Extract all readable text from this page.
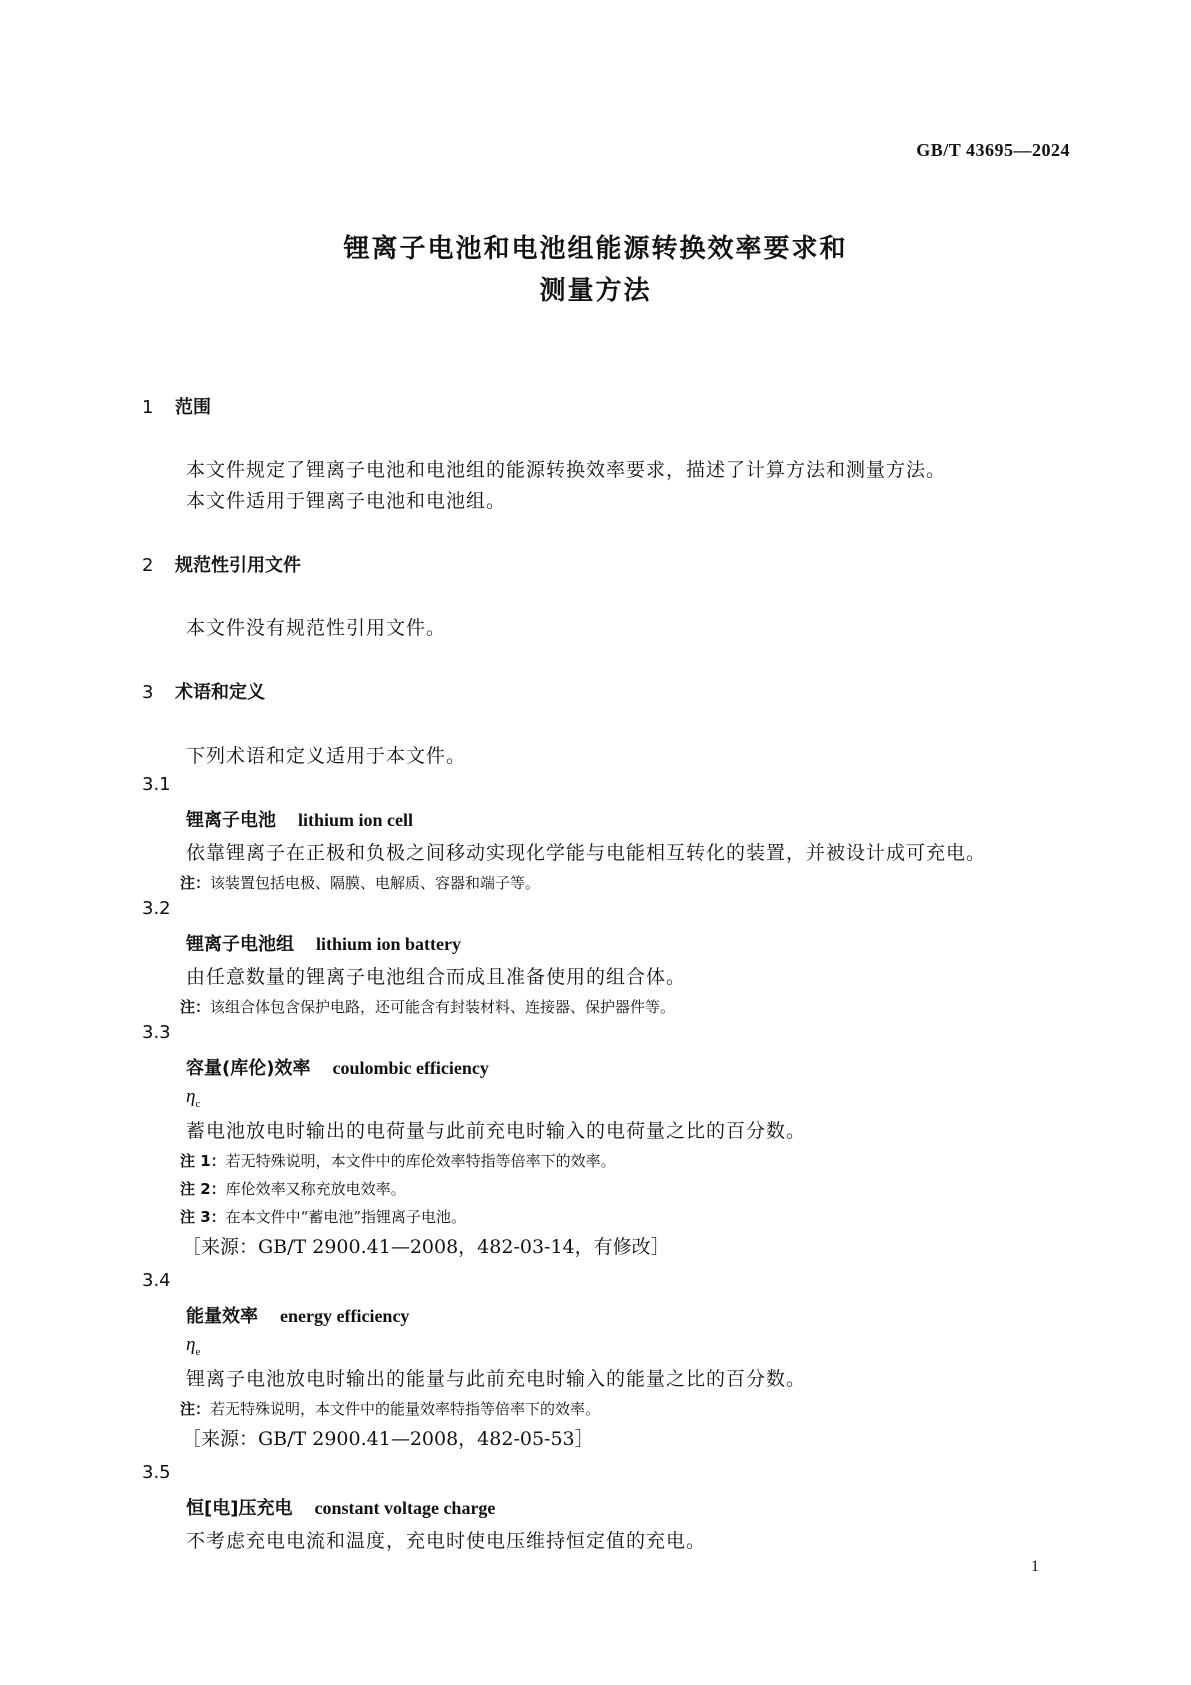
GB/T 43695—2024
锂离子电池和电池组能源转换效率要求和
测量方法
1 范围
本文件规定了锂离子电池和电池组的能源转换效率要求，描述了计算方法和测量方法。
本文件适用于锂离子电池和电池组。
2 规范性引用文件
本文件没有规范性引用文件。
3 术语和定义
下列术语和定义适用于本文件。
3.1
锂离子电池 lithium ion cell
依靠锂离子在正极和负极之间移动实现化学能与电能相互转化的装置，并被设计成可充电。
注：该装置包括电极、隔膜、电解质、容器和端子等。
3.2
锂离子电池组 lithium ion battery
由任意数量的锂离子电池组合而成且准备使用的组合体。
注：该组合体包含保护电路，还可能含有封装材料、连接器、保护器件等。
3.3
容量(库伦)效率 coulombic efficiency
$\eta_c$
蓄电池放电时输出的电荷量与此前充电时输入的电荷量之比的百分数。
注 1：若无特殊说明，本文件中的库伦效率特指等倍率下的效率。
注 2：库伦效率又称充放电效率。
注 3：在本文件中“蓄电池”指锂离子电池。
［来源：GB/T 2900.41—2008，482-03-14，有修改］
3.4
能量效率 energy efficiency
$\eta_e$
锂离子电池放电时输出的能量与此前充电时输入的能量之比的百分数。
注：若无特殊说明，本文件中的能量效率特指等倍率下的效率。
［来源：GB/T 2900.41—2008，482-05-53］
3.5
恒[电]压充电 constant voltage charge
不考虑充电电流和温度，充电时使电压维持恒定值的充电。
1
